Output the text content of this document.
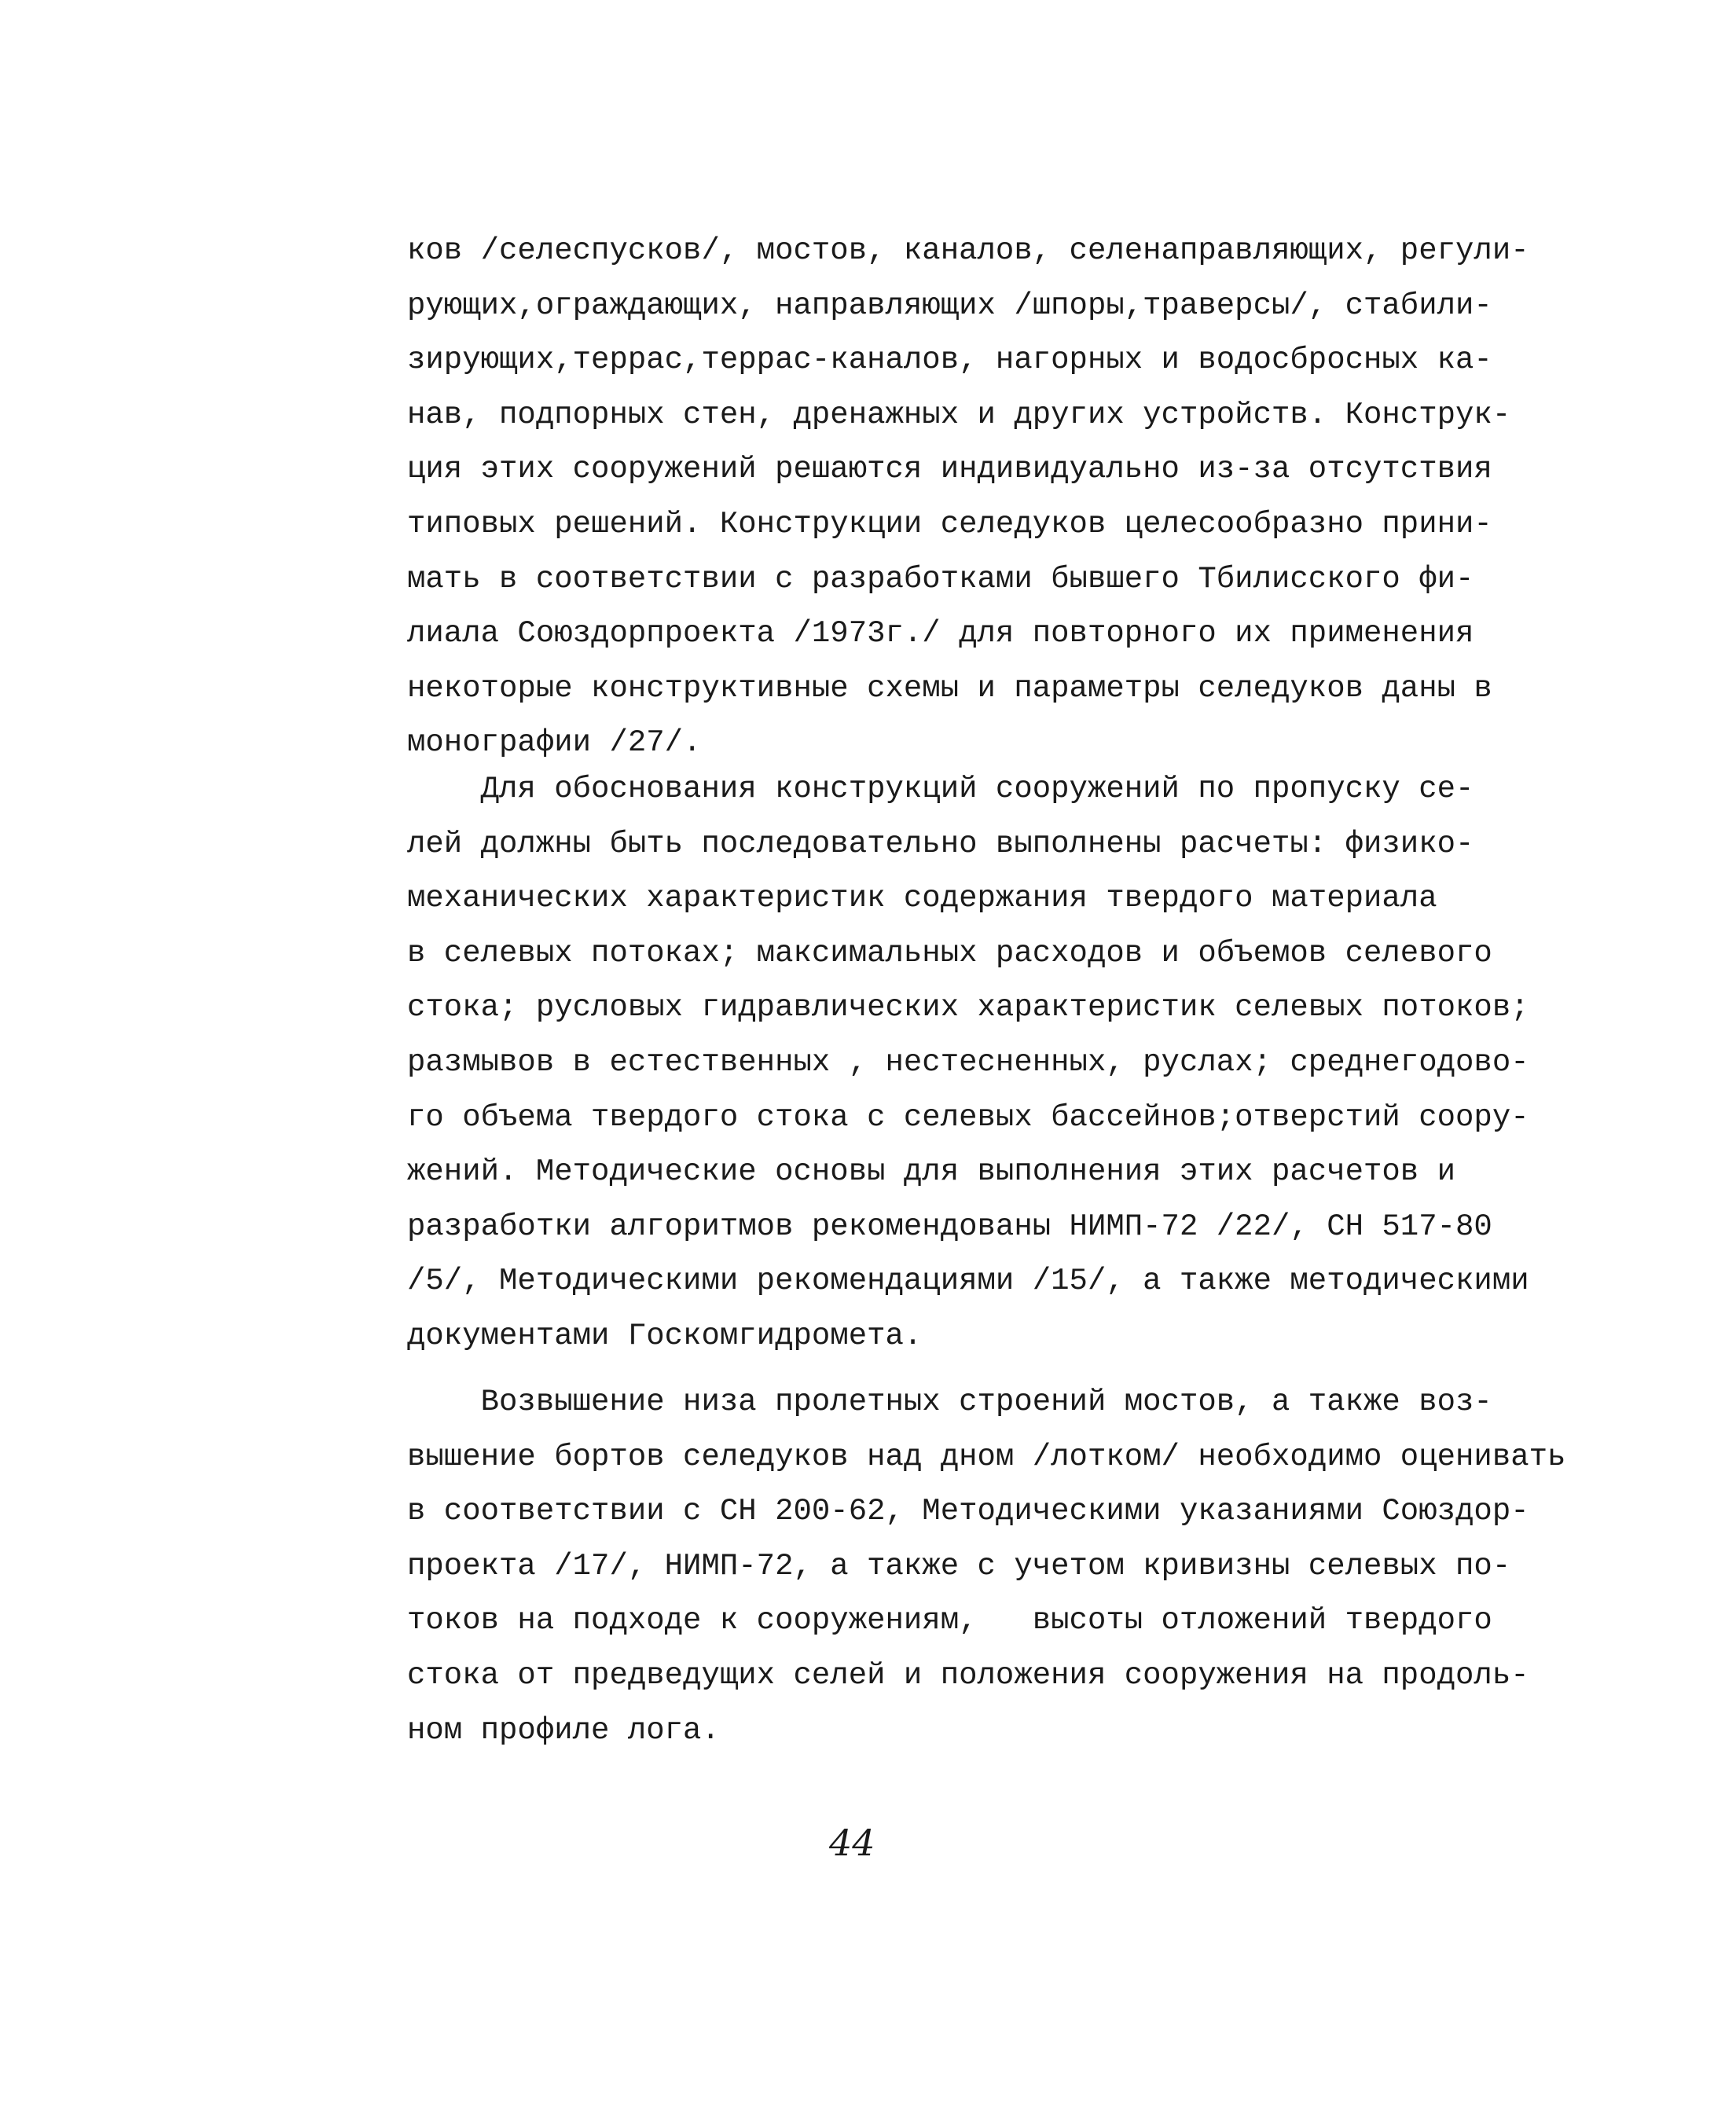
ков /селеспусков/, мостов, каналов, селенаправляющих, регули-
рующих,ограждающих, направляющих /шпоры,траверсы/, стабили-
зирующих,террас,террас-каналов, нагорных и водосбросных ка-
нав, подпорных стен, дренажных и других устройств. Конструк-
ция этих сооружений решаются индивидуально из-за отсутствия
типовых решений. Конструкции селедуков целесообразно прини-
мать в соответствии с разработками бывшего Тбилисского фи-
лиала Союздорпроекта /1973г./ для повторного их применения
некоторые конструктивные схемы и параметры селедуков даны в
монографии /27/.
Для обоснования конструкций сооружений по пропуску се-
лей должны быть последовательно выполнены расчеты: физико-
механических характеристик содержания твердого материала
в селевых потоках; максимальных расходов и объемов селевого
стока; русловых гидравлических характеристик селевых потоков;
размывов в естественных , нестесненных, руслах; среднегодово-
го объема твердого стока с селевых бассейнов;отверстий соору-
жений. Методические основы для выполнения этих расчетов и
разработки алгоритмов рекомендованы НИМП-72 /22/, СН 517-80
/5/, Методическими рекомендациями /15/, а также методическими
документами Госкомгидромета.
Возвышение низа пролетных строений мостов, а также воз-
вышение бортов селедуков над дном /лотком/ необходимо оценивать
в соответствии с СН 200-62, Методическими указаниями Союздор-
проекта /17/, НИМП-72, а также с учетом кривизны селевых по-
токов на подходе к сооружениям,   высоты отложений твердого
стока от предведущих селей и положения сооружения на продоль-
ном профиле лога.
44
